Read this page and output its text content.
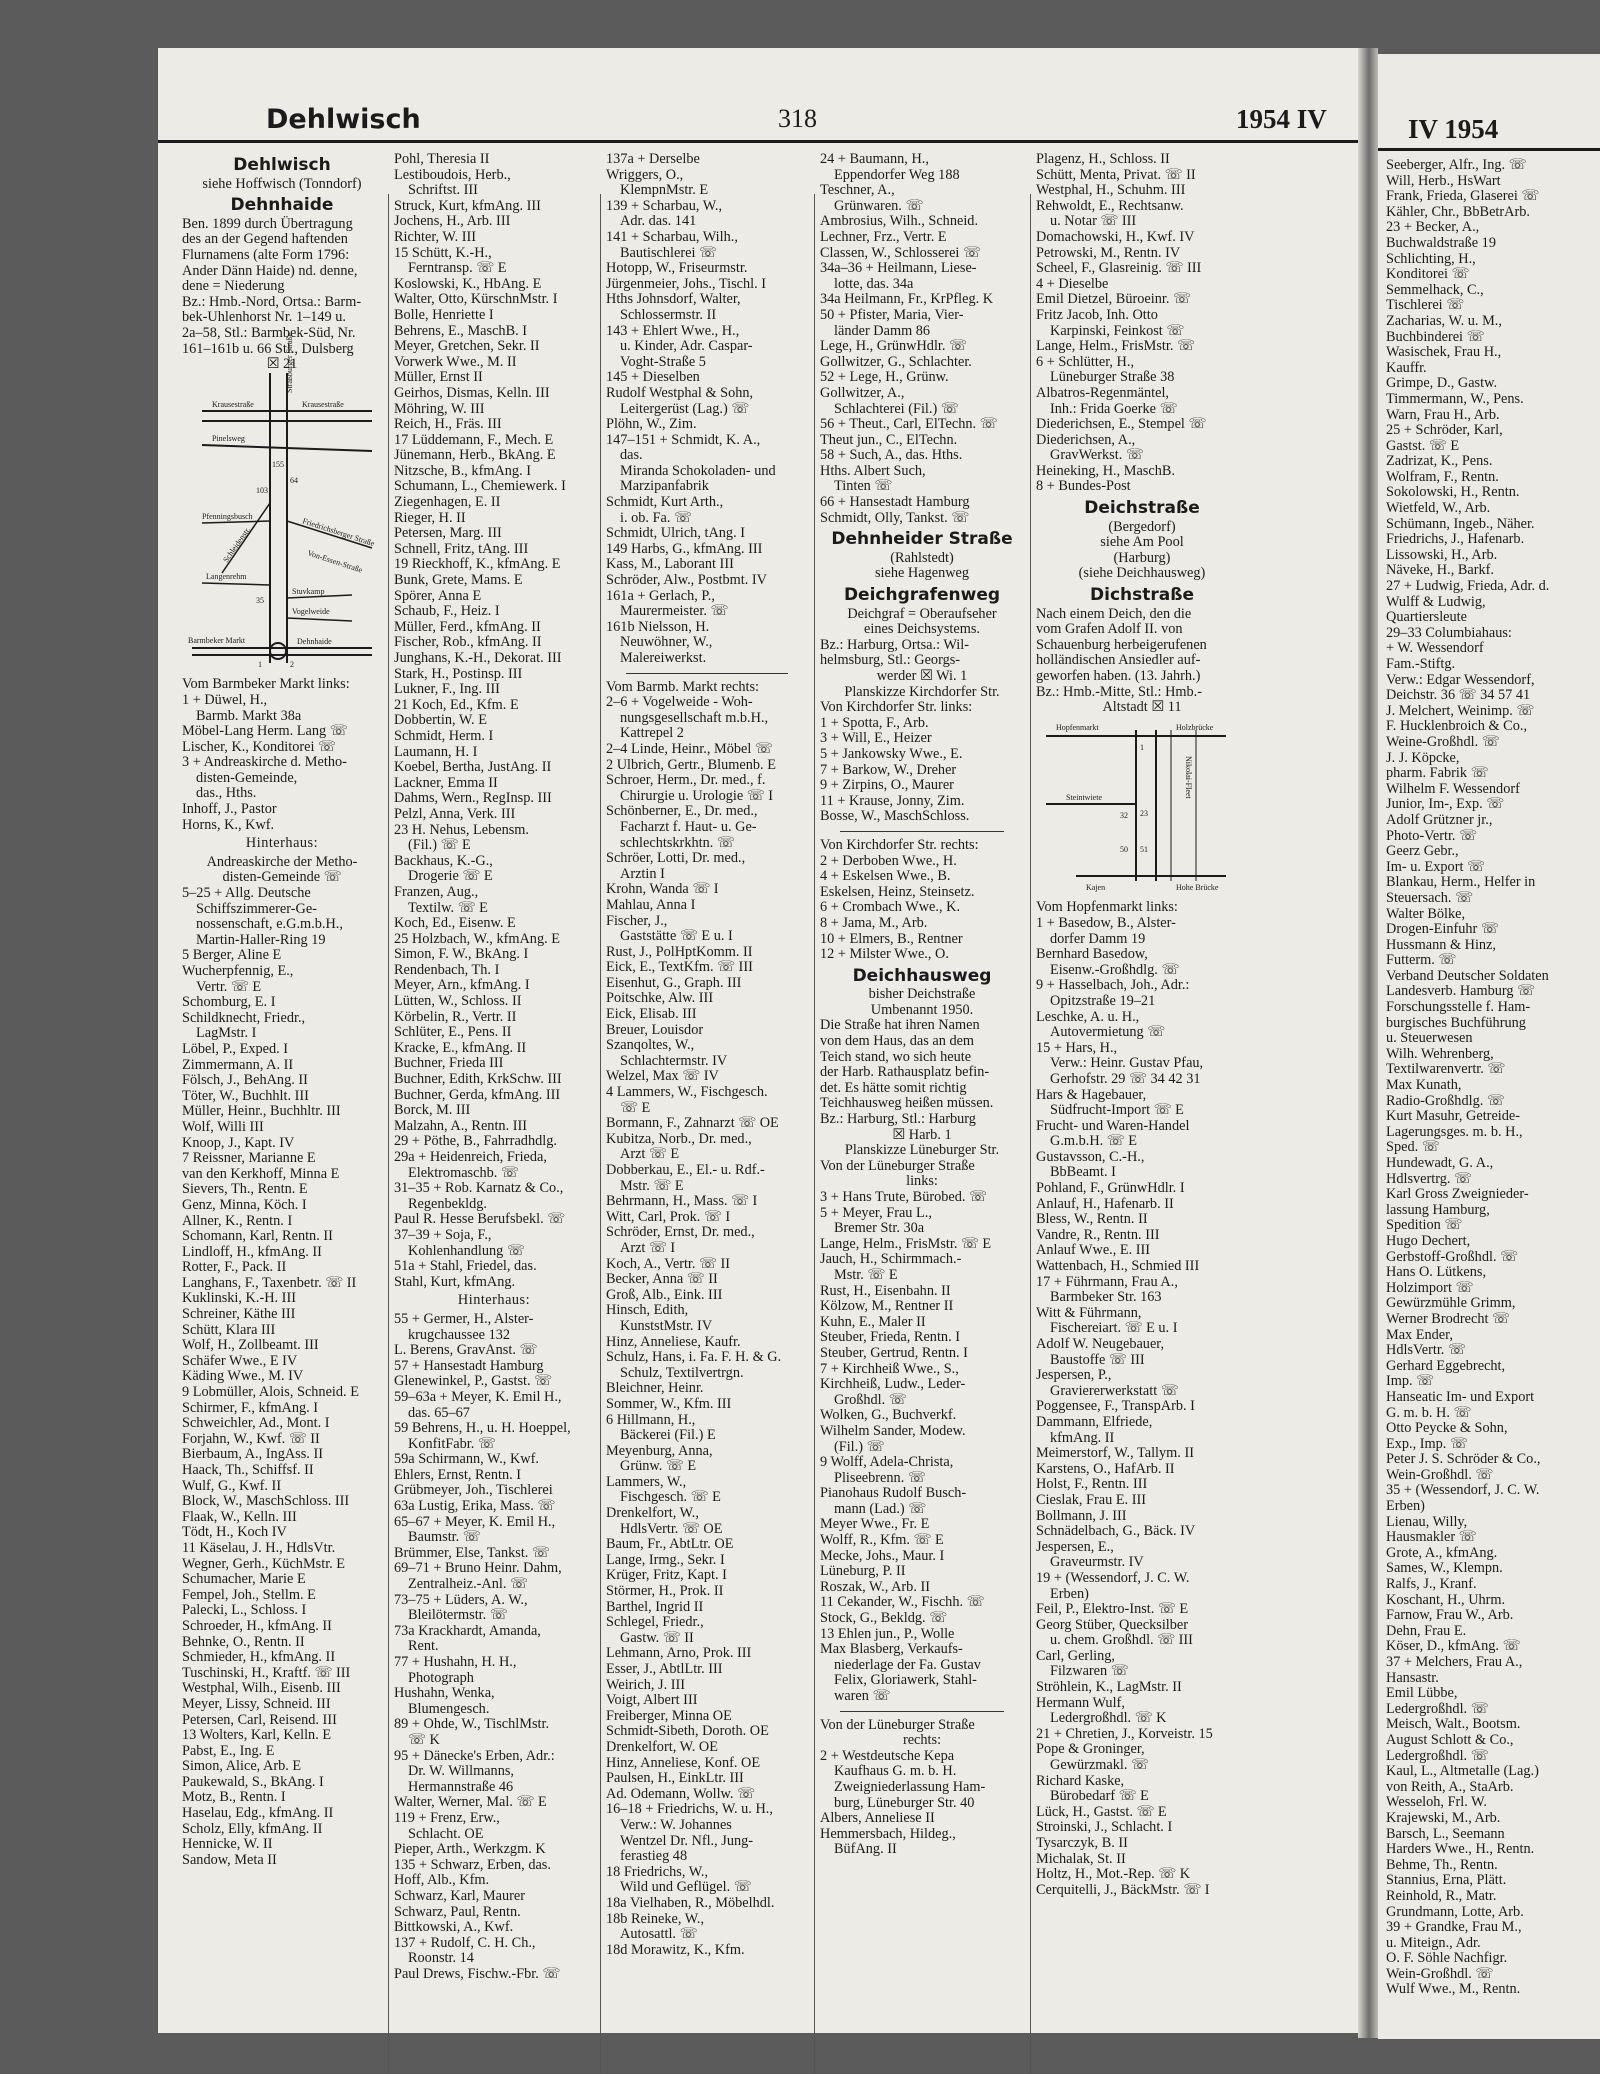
Dehlwisch	318	1954 IV
Dehlwisch
siehe Hoffwisch (Tonndorf)
Dehnhaide
Ben. 1899 durch Übertragung
des an der Gegend haftenden
Flurnamens (alte Form 1796:
Ander Dänn Haide) nd. denne,
dene = Niederung
Bz.: Hmb.-Nord, Ortsa.: Barm-
bek-Uhlenhorst Nr. 1–149 u.
2a–58, Stl.: Barmbek-Süd, Nr.
161–161b u. 66 Stl., Dulsberg
☒ 21
Krausestraße	Krausestraße
Straßburger Straße
Pinelsweg
Pfenningsbusch	Friedrichsberger Straße
Schleidenstr.	Von-Essen-Straße
Langenrehm
Stuvkamp
Vogelweide
Barmbeker Markt	Dehnhaide
155
64
103
35
2
1
Vom Barmbeker Markt links:
1 + Düwel, H.,
Barmb. Markt 38a
Möbel-Lang Herm. Lang ☏
Lischer, K., Konditorei ☏
3 + Andreaskirche d. Metho-
disten-Gemeinde,
das., Hths.
Inhoff, J., Pastor
Horns, K., Kwf.
Hinterhaus:
Andreaskirche der Metho-
disten-Gemeinde ☏
5–25 + Allg. Deutsche
Schiffszimmerer-Ge-
nossenschaft, e.G.m.b.H.,
Martin-Haller-Ring 19
5 Berger, Aline E
Wucherpfennig, E.,
Vertr. ☏ E
Schomburg, E. I
Schildknecht, Friedr.,
LagMstr. I
Löbel, P., Exped. I
Zimmermann, A. II
Fölsch, J., BehAng. II
Töter, W., Buchhlt. III
Müller, Heinr., Buchhltr. III
Wolf, Willi III
Knoop, J., Kapt. IV
7 Reissner, Marianne E
van den Kerkhoff, Minna E
Sievers, Th., Rentn. E
Genz, Minna, Köch. I
Allner, K., Rentn. I
Schomann, Karl, Rentn. II
Lindloff, H., kfmAng. II
Rotter, F., Pack. II
Langhans, F., Taxenbetr. ☏ II
Kuklinski, K.-H. III
Schreiner, Käthe III
Schütt, Klara III
Wolf, H., Zollbeamt. III
Schäfer Wwe., E IV
Käding Wwe., M. IV
9 Lobmüller, Alois, Schneid. E
Schirmer, F., kfmAng. I
Schweichler, Ad., Mont. I
Forjahn, W., Kwf. ☏ II
Bierbaum, A., IngAss. II
Haack, Th., Schiffsf. II
Wulf, G., Kwf. II
Block, W., MaschSchloss. III
Flaak, W., Kelln. III
Tödt, H., Koch IV
11 Käselau, J. H., HdlsVtr.
Wegner, Gerh., KüchMstr. E
Schumacher, Marie E
Fempel, Joh., Stellm. E
Palecki, L., Schloss. I
Schroeder, H., kfmAng. II
Behnke, O., Rentn. II
Schmieder, H., kfmAng. II
Tuschinski, H., Kraftf. ☏ III
Westphal, Wilh., Eisenb. III
Meyer, Lissy, Schneid. III
Petersen, Carl, Reisend. III
13 Wolters, Karl, Kelln. E
Pabst, E., Ing. E
Simon, Alice, Arb. E
Paukewald, S., BkAng. I
Motz, B., Rentn. I
Haselau, Edg., kfmAng. II
Scholz, Elly, kfmAng. II
Hennicke, W. II
Sandow, Meta II
Pohl, Theresia II
Lestiboudois, Herb.,
Schriftst. III
Struck, Kurt, kfmAng. III
Jochens, H., Arb. III
Richter, W. III
15 Schütt, K.-H.,
Ferntransp. ☏ E
Koslowski, K., HbAng. E
Walter, Otto, KürschnMstr. I
Bolle, Henriette I
Behrens, E., MaschB. I
Meyer, Gretchen, Sekr. II
Vorwerk Wwe., M. II
Müller, Ernst II
Geirhos, Dismas, Kelln. III
Möhring, W. III
Reich, H., Fräs. III
17 Lüddemann, F., Mech. E
Jünemann, Herb., BkAng. E
Nitzsche, B., kfmAng. I
Schumann, L., Chemiewerk. I
Ziegenhagen, E. II
Rieger, H. II
Petersen, Marg. III
Schnell, Fritz, tAng. III
19 Rieckhoff, K., kfmAng. E
Bunk, Grete, Mams. E
Spörer, Anna E
Schaub, F., Heiz. I
Müller, Ferd., kfmAng. II
Fischer, Rob., kfmAng. II
Junghans, K.-H., Dekorat. III
Stark, H., Postinsp. III
Lukner, F., Ing. III
21 Koch, Ed., Kfm. E
Dobbertin, W. E
Schmidt, Herm. I
Laumann, H. I
Koebel, Bertha, JustAng. II
Lackner, Emma II
Dahms, Wern., RegInsp. III
Pelzl, Anna, Verk. III
23 H. Nehus, Lebensm.
(Fil.) ☏ E
Backhaus, K.-G.,
Drogerie ☏ E
Franzen, Aug.,
Textilw. ☏ E
Koch, Ed., Eisenw. E
25 Holzbach, W., kfmAng. E
Simon, F. W., BkAng. I
Rendenbach, Th. I
Meyer, Arn., kfmAng. I
Lütten, W., Schloss. II
Körbelin, R., Vertr. II
Schlüter, E., Pens. II
Kracke, E., kfmAng. II
Buchner, Frieda III
Buchner, Edith, KrkSchw. III
Buchner, Gerda, kfmAng. III
Borck, M. III
Malzahn, A., Rentn. III
29 + Pöthe, B., Fahrradhdlg.
29a + Heidenreich, Frieda,
Elektromaschb. ☏
31–35 + Rob. Karnatz & Co.,
Regenbekldg.
Paul R. Hesse Berufsbekl. ☏
37–39 + Soja, F.,
Kohlenhandlung ☏
51a + Stahl, Friedel, das.
Stahl, Kurt, kfmAng.
Hinterhaus:
55 + Germer, H., Alster-
krugchaussee 132
L. Berens, GravAnst. ☏
57 + Hansestadt Hamburg
Glenewinkel, P., Gastst. ☏
59–63a + Meyer, K. Emil H.,
das. 65–67
59 Behrens, H., u. H. Hoeppel,
KonfitFabr. ☏
59a Schirmann, W., Kwf.
Ehlers, Ernst, Rentn. I
Grübmeyer, Joh., Tischlerei
63a Lustig, Erika, Mass. ☏
65–67 + Meyer, K. Emil H.,
Baumstr. ☏
Brümmer, Else, Tankst. ☏
69–71 + Bruno Heinr. Dahm,
Zentralheiz.-Anl. ☏
73–75 + Lüders, A. W.,
Bleilötermstr. ☏
73a Krackhardt, Amanda,
Rent.
77 + Hushahn, H. H.,
Photograph
Hushahn, Wenka,
Blumengesch.
89 + Ohde, W., TischlMstr.
☏ K
95 + Dänecke's Erben, Adr.:
Dr. W. Willmanns,
Hermannstraße 46
Walter, Werner, Mal. ☏ E
119 + Frenz, Erw.,
Schlacht. OE
Pieper, Arth., Werkzgm. K
135 + Schwarz, Erben, das.
Hoff, Alb., Kfm.
Schwarz, Karl, Maurer
Schwarz, Paul, Rentn.
Bittkowski, A., Kwf.
137 + Rudolf, C. H. Ch.,
Roonstr. 14
Paul Drews, Fischw.-Fbr. ☏
137a + Derselbe
Wriggers, O.,
KlempnMstr. E
139 + Scharbau, W.,
Adr. das. 141
141 + Scharbau, Wilh.,
Bautischlerei ☏
Hotopp, W., Friseurmstr.
Jürgenmeier, Johs., Tischl. I
Hths Johnsdorf, Walter,
Schlossermstr. II
143 + Ehlert Wwe., H.,
u. Kinder, Adr. Caspar-
Voght-Straße 5
145 + Dieselben
Rudolf Westphal & Sohn,
Leitergerüst (Lag.) ☏
Plöhn, W., Zim.
147–151 + Schmidt, K. A.,
das.
Miranda Schokoladen- und
Marzipanfabrik
Schmidt, Kurt Arth.,
i. ob. Fa. ☏
Schmidt, Ulrich, tAng. I
149 Harbs, G., kfmAng. III
Kass, M., Laborant III
Schröder, Alw., Postbmt. IV
161a + Gerlach, P.,
Maurermeister. ☏
161b Nielsson, H.
Neuwöhner, W.,
Malereiwerkst.
Vom Barmb. Markt rechts:
2–6 + Vogelweide - Woh-
nungsgesellschaft m.b.H.,
Kattrepel 2
2–4 Linde, Heinr., Möbel ☏
2 Ulbrich, Gertr., Blumenb. E
Schroer, Herm., Dr. med., f.
Chirurgie u. Urologie ☏ I
Schönberner, E., Dr. med.,
Facharzt f. Haut- u. Ge-
schlechtskrkhtn. ☏
Schröer, Lotti, Dr. med.,
Arztin I
Krohn, Wanda ☏ I
Mahlau, Anna I
Fischer, J.,
Gaststätte ☏ E u. I
Rust, J., PolHptKomm. II
Eick, E., TextKfm. ☏ III
Eisenhut, G., Graph. III
Poitschke, Alw. III
Eick, Elisab. III
Breuer, Louisdor
Szanqoltes, W.,
Schlachtermstr. IV
Welzel, Max ☏ IV
4 Lammers, W., Fischgesch.
☏ E
Bormann, F., Zahnarzt ☏ OE
Kubitza, Norb., Dr. med.,
Arzt ☏ E
Dobberkau, E., El.- u. Rdf.-
Mstr. ☏ E
Behrmann, H., Mass. ☏ I
Witt, Carl, Prok. ☏ I
Schröder, Ernst, Dr. med.,
Arzt ☏ I
Koch, A., Vertr. ☏ II
Becker, Anna ☏ II
Groß, Alb., Eink. III
Hinsch, Edith,
KunststMstr. IV
Hinz, Anneliese, Kaufr.
Schulz, Hans, i. Fa. F. H. & G.
Schulz, Textilvertrgn.
Bleichner, Heinr.
Sommer, W., Kfm. III
6 Hillmann, H.,
Bäckerei (Fil.) E
Meyenburg, Anna,
Grünw. ☏ E
Lammers, W.,
Fischgesch. ☏ E
Drenkelfort, W.,
HdlsVertr. ☏ OE
Baum, Fr., AbtLtr. OE
Lange, Irmg., Sekr. I
Krüger, Fritz, Kapt. I
Störmer, H., Prok. II
Barthel, Ingrid II
Schlegel, Friedr.,
Gastw. ☏ II
Lehmann, Arno, Prok. III
Esser, J., AbtlLtr. III
Weirich, J. III
Voigt, Albert III
Freiberger, Minna OE
Schmidt-Sibeth, Doroth. OE
Drenkelfort, W. OE
Hinz, Anneliese, Konf. OE
Paulsen, H., EinkLtr. III
Ad. Odemann, Wollw. ☏
16–18 + Friedrichs, W. u. H.,
Verw.: W. Johannes
Wentzel Dr. Nfl., Jung-
ferastieg 48
18 Friedrichs, W.,
Wild und Geflügel. ☏
18a Vielhaben, R., Möbelhdl.
18b Reineke, W.,
Autosattl. ☏
18d Morawitz, K., Kfm.
24 + Baumann, H.,
Eppendorfer Weg 188
Teschner, A.,
Grünwaren. ☏
Ambrosius, Wilh., Schneid.
Lechner, Frz., Vertr. E
Classen, W., Schlosserei ☏
34a–36 + Heilmann, Liese-
lotte, das. 34a
34a Heilmann, Fr., KrPfleg. K
50 + Pfister, Maria, Vier-
länder Damm 86
Lege, H., GrünwHdlr. ☏
Gollwitzer, G., Schlachter.
52 + Lege, H., Grünw.
Gollwitzer, A.,
Schlachterei (Fil.) ☏
56 + Theut., Carl, ElTechn. ☏
Theut jun., C., ElTechn.
58 + Such, A., das. Hths.
Hths. Albert Such,
Tinten ☏
66 + Hansestadt Hamburg
Schmidt, Olly, Tankst. ☏
Dehnheider Straße
(Rahlstedt)
siehe Hagenweg
Deichgrafenweg
Deichgraf = Oberaufseher
eines Deichsystems.
Bz.: Harburg, Ortsa.: Wil-
helmsburg, Stl.: Georgs-
werder ☒ Wi. 1
Planskizze Kirchdorfer Str.
Von Kirchdorfer Str. links:
1 + Spotta, F., Arb.
3 + Will, E., Heizer
5 + Jankowsky Wwe., E.
7 + Barkow, W., Dreher
9 + Zirpins, O., Maurer
11 + Krause, Jonny, Zim.
Bosse, W., MaschSchloss.
Von Kirchdorfer Str. rechts:
2 + Derboben Wwe., H.
4 + Eskelsen Wwe., B.
Eskelsen, Heinz, Steinsetz.
6 + Crombach Wwe., K.
8 + Jama, M., Arb.
10 + Elmers, B., Rentner
12 + Milster Wwe., O.
Deichhausweg
bisher Deichstraße
Umbenannt 1950.
Die Straße hat ihren Namen
von dem Haus, das an dem
Teich stand, wo sich heute
der Harb. Rathausplatz befin-
det. Es hätte somit richtig
Teichhausweg heißen müssen.
Bz.: Harburg, Stl.: Harburg
☒ Harb. 1
Planskizze Lüneburger Str.
Von der Lüneburger Straße
links:
3 + Hans Trute, Bürobed. ☏
5 + Meyer, Frau L.,
Bremer Str. 30a
Lange, Helm., FrisMstr. ☏ E
Jauch, H., Schirmmach.-
Mstr. ☏ E
Rust, H., Eisenbahn. II
Kölzow, M., Rentner II
Kuhn, E., Maler II
Steuber, Frieda, Rentn. I
Steuber, Gertrud, Rentn. I
7 + Kirchheiß Wwe., S.,
Kirchheiß, Ludw., Leder-
Großhdl. ☏
Wolken, G., Buchverkf.
Wilhelm Sander, Modew.
(Fil.) ☏
9 Wolff, Adela-Christa,
Pliseebrenn. ☏
Pianohaus Rudolf Busch-
mann (Lad.) ☏
Meyer Wwe., Fr. E
Wolff, R., Kfm. ☏ E
Mecke, Johs., Maur. I
Lüneburg, P. II
Roszak, W., Arb. II
11 Cekander, W., Fischh. ☏
Stock, G., Bekldg. ☏
13 Ehlen jun., P., Wolle
Max Blasberg, Verkaufs-
niederlage der Fa. Gustav
Felix, Gloriawerk, Stahl-
waren ☏
Von der Lüneburger Straße
rechts:
2 + Westdeutsche Kepa
Kaufhaus G. m. b. H.
Zweigniederlassung Ham-
burg, Lüneburger Str. 40
Albers, Anneliese II
Hemmersbach, Hildeg.,
BüfAng. II
Plagenz, H., Schloss. II
Schütt, Menta, Privat. ☏ II
Westphal, H., Schuhm. III
Rehwoldt, E., Rechtsanw.
u. Notar ☏ III
Domachowski, H., Kwf. IV
Petrowski, M., Rentn. IV
Scheel, F., Glasreinig. ☏ III
4 + Dieselbe
Emil Dietzel, Büroeinr. ☏
Fritz Jacob, Inh. Otto
Karpinski, Feinkost ☏
Lange, Helm., FrisMstr. ☏
6 + Schlütter, H.,
Lüneburger Straße 38
Albatros-Regenmäntel,
Inh.: Frida Goerke ☏
Diederichsen, E., Stempel ☏
Diederichsen, A.,
GravWerkst. ☏
Heineking, H., MaschB.
8 + Bundes-Post
Deichstraße
(Bergedorf)
siehe Am Pool
(Harburg)
(siehe Deichhausweg)
Dichstraße
Nach einem Deich, den die
vom Grafen Adolf II. von
Schauenburg herbeigerufenen
holländischen Ansiedler auf-
geworfen haben. (13. Jahrh.)
Bz.: Hmb.-Mitte, Stl.: Hmb.-
Altstadt ☒ 11
Hopfenmarkt	Holzbrücke
Steintwiete
Kajen	Hohe Brücke
Nikolai-Fleet
1
23
32
50 51
Vom Hopfenmarkt links:
1 + Basedow, B., Alster-
dorfer Damm 19
Bernhard Basedow,
Eisenw.-Großhdlg. ☏
9 + Hasselbach, Joh., Adr.:
Opitzstraße 19–21
Leschke, A. u. H.,
Autovermietung ☏
15 + Hars, H.,
Verw.: Heinr. Gustav Pfau,
Gerhofstr. 29 ☏ 34 42 31
Hars & Hagebauer,
Südfrucht-Import ☏ E
Frucht- und Waren-Handel
G.m.b.H. ☏ E
Gustavsson, C.-H.,
BbBeamt. I
Pohland, F., GrünwHdlr. I
Anlauf, H., Hafenarb. II
Bless, W., Rentn. II
Vandre, R., Rentn. III
Anlauf Wwe., E. III
Wattenbach, H., Schmied III
17 + Führmann, Frau A.,
Barmbeker Str. 163
Witt & Führmann,
Fischereiart. ☏ E u. I
Adolf W. Neugebauer,
Baustoffe ☏ III
Jespersen, P.,
Graviererwerkstatt ☏
Poggensee, F., TranspArb. I
Dammann, Elfriede,
kfmAng. II
Meimerstorf, W., Tallym. II
Karstens, O., HafArb. II
Holst, F., Rentn. III
Cieslak, Frau E. III
Bollmann, J. III
Schnädelbach, G., Bäck. IV
Jespersen, E.,
Graveurmstr. IV
19 + (Wessendorf, J. C. W.
Erben)
Feil, P., Elektro-Inst. ☏ E
Georg Stüber, Quecksilber
u. chem. Großhdl. ☏ III
Carl, Gerling,
Filzwaren ☏
Ströhlein, K., LagMstr. II
Hermann Wulf,
Ledergroßhdl. ☏ K
21 + Chretien, J., Korveistr. 15
Pope & Groninger,
Gewürzmakl. ☏
Richard Kaske,
Bürobedarf ☏ E
Lück, H., Gastst. ☏ E
Stroinski, J., Schlacht. I
Tysarczyk, B. II
Michalak, St. II
Holtz, H., Mot.-Rep. ☏ K
Cerquitelli, J., BäckMstr. ☏ I
IV 1954
Seeberger, Alfr., Ing. ☏
Will, Herb., HsWart
Frank, Frieda, Glaserei ☏
Kähler, Chr., BbBetrArb.
23 + Becker, A.,
Buchwaldstraße 19
Schlichting, H.,
Konditorei ☏
Semmelhack, C.,
Tischlerei ☏
Zacharias, W. u. M.,
Buchbinderei ☏
Wasischek, Frau H.,
Kauffr.
Grimpe, D., Gastw.
Timmermann, W., Pens.
Warn, Frau H., Arb.
25 + Schröder, Karl,
Gastst. ☏ E
Zadrizat, K., Pens.
Wolfram, F., Rentn.
Sokolowski, H., Rentn.
Wietfeld, W., Arb.
Schümann, Ingeb., Näher.
Friedrichs, J., Hafenarb.
Lissowski, H., Arb.
Näveke, H., Barkf.
27 + Ludwig, Frieda, Adr. d.
Wulff & Ludwig,
Quartiersleute
29–33 Columbiahaus:
+ W. Wessendorf
Fam.-Stiftg.
Verw.: Edgar Wessendorf,
Deichstr. 36 ☏ 34 57 41
J. Melchert, Weinimp. ☏
F. Hucklenbroich & Co.,
Weine-Großhdl. ☏
J. J. Köpcke,
pharm. Fabrik ☏
Wilhelm F. Wessendorf
Junior, Im-, Exp. ☏
Adolf Grützner jr.,
Photo-Vertr. ☏
Geerz Gebr.,
Im- u. Export ☏
Blankau, Herm., Helfer in
Steuersach. ☏
Walter Bölke,
Drogen-Einfuhr ☏
Hussmann & Hinz,
Futterm. ☏
Verband Deutscher Soldaten
Landesverb. Hamburg ☏
Forschungsstelle f. Ham-
burgisches Buchführung
u. Steuerwesen
Wilh. Wehrenberg,
Textilwarenvertr. ☏
Max Kunath,
Radio-Großhdlg. ☏
Kurt Masuhr, Getreide-
Lagerungsges. m. b. H.,
Sped. ☏
Hundewadt, G. A.,
Hdlsvertrg. ☏
Karl Gross Zweignieder-
lassung Hamburg,
Spedition ☏
Hugo Dechert,
Gerbstoff-Großhdl. ☏
Hans O. Lütkens,
Holzimport ☏
Gewürzmühle Grimm,
Werner Brodrecht ☏
Max Ender,
HdlsVertr. ☏
Gerhard Eggebrecht,
Imp. ☏
Hanseatic Im- und Export
G. m. b. H. ☏
Otto Peycke & Sohn,
Exp., Imp. ☏
Peter J. S. Schröder & Co.,
Wein-Großhdl. ☏
35 + (Wessendorf, J. C. W.
Erben)
Lienau, Willy,
Hausmakler ☏
Grote, A., kfmAng.
Sames, W., Klempn.
Ralfs, J., Kranf.
Koschant, H., Uhrm.
Farnow, Frau W., Arb.
Dehn, Frau E.
Köser, D., kfmAng. ☏
37 + Melchers, Frau A.,
Hansastr.
Emil Lübbe,
Ledergroßhdl. ☏
Meisch, Walt., Bootsm.
August Schlott & Co.,
Ledergroßhdl. ☏
Kaul, L., Altmetalle (Lag.)
von Reith, A., StaArb.
Wesseloh, Frl. W.
Krajewski, M., Arb.
Barsch, L., Seemann
Harders Wwe., H., Rentn.
Behme, Th., Rentn.
Stannius, Erna, Plätt.
Reinhold, R., Matr.
Grundmann, Lotte, Arb.
39 + Grandke, Frau M.,
u. Miteign., Adr.
O. F. Söhle Nachfigr.
Wein-Großhdl. ☏
Wulf Wwe., M., Rentn.
